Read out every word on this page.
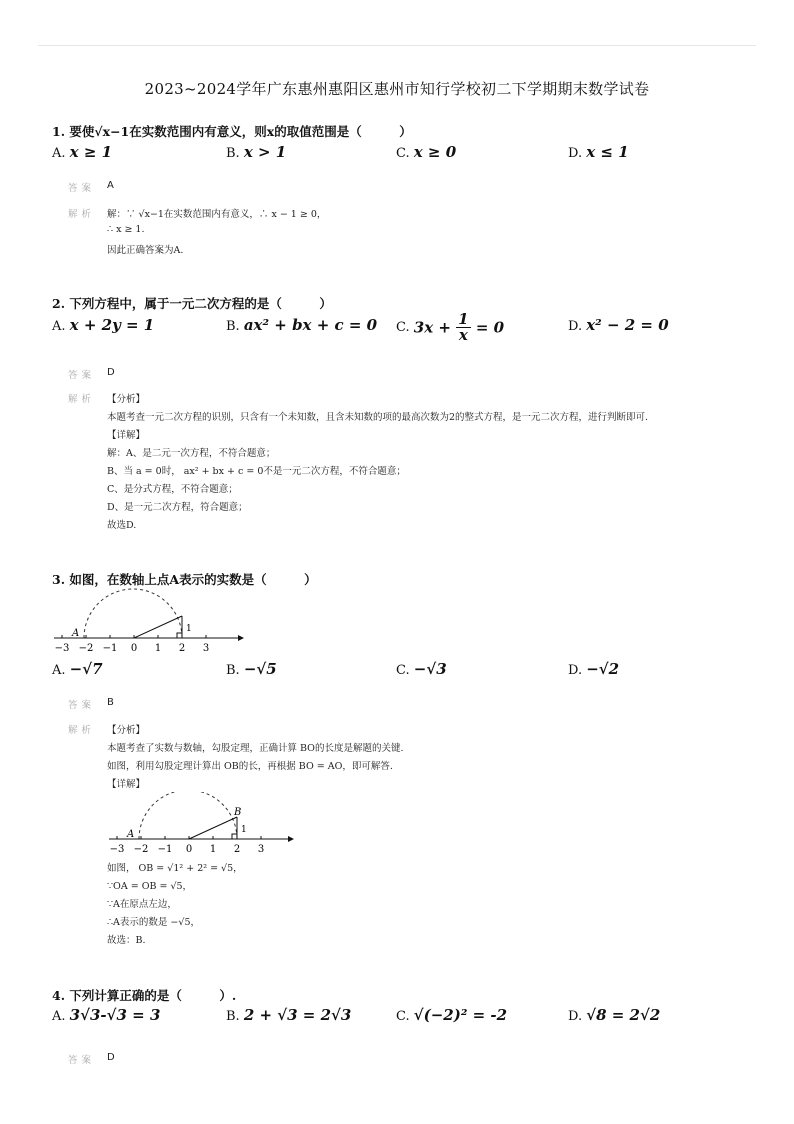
2023~2024学年广东惠州惠阳区惠州市知行学校初二下学期期末数学试卷
1. 要使√x−1在实数范围内有意义，则x的取值范围是（　　　）
A. x ≥ 1	B. x > 1	C. x ≥ 0	D. x ≤ 1
答案 A
解析 解：∵ √x−1在实数范围内有意义，∴ x − 1 ≥ 0，
∴ x ≥ 1.
因此正确答案为A.
2. 下列方程中，属于一元二次方程的是（　　　）
A. x + 2y = 1	B. ax² + bx + c = 0 C. $3x + \frac{1}{x} = 0$	D. x² − 2 = 0
答案 D
解析 【分析】
本题考查一元二次方程的识别，只含有一个未知数，且含未知数的项的最高次数为2的整式方程，是一元二次方程，进行判断即可.
【详解】
解：A、是二元一次方程，不符合题意；
B、当 a = 0时， ax² + bx + c = 0不是一元二次方程，不符合题意；
C、是分式方程，不符合题意；
D、是一元二次方程，符合题意；
故选D.
3. 如图，在数轴上点A表示的实数是（　　　）
A	1
−3 −2 −1 0 1 2 3
A. −√7	B. −√5	C. −√3	D. −√2
答案 B
解析 【分析】
本题考查了实数与数轴，勾股定理，正确计算 BO的长度是解题的关键.
如图，利用勾股定理计算出 OB的长，再根据 BO = AO，即可解答.
【详解】
A
B
1
−3 −2 −1 0 1 2 3
如图， OB = √1² + 2² = √5，
∵OA = OB = √5，
∵A在原点左边，
∴A表示的数是 −√5，
故选：B.
4. 下列计算正确的是（　　　）.
A. 3√3-√3 = 3	B. 2 + √3 = 2√3	C. √(−2)² = -2	D. √8 = 2√2
答案 D
